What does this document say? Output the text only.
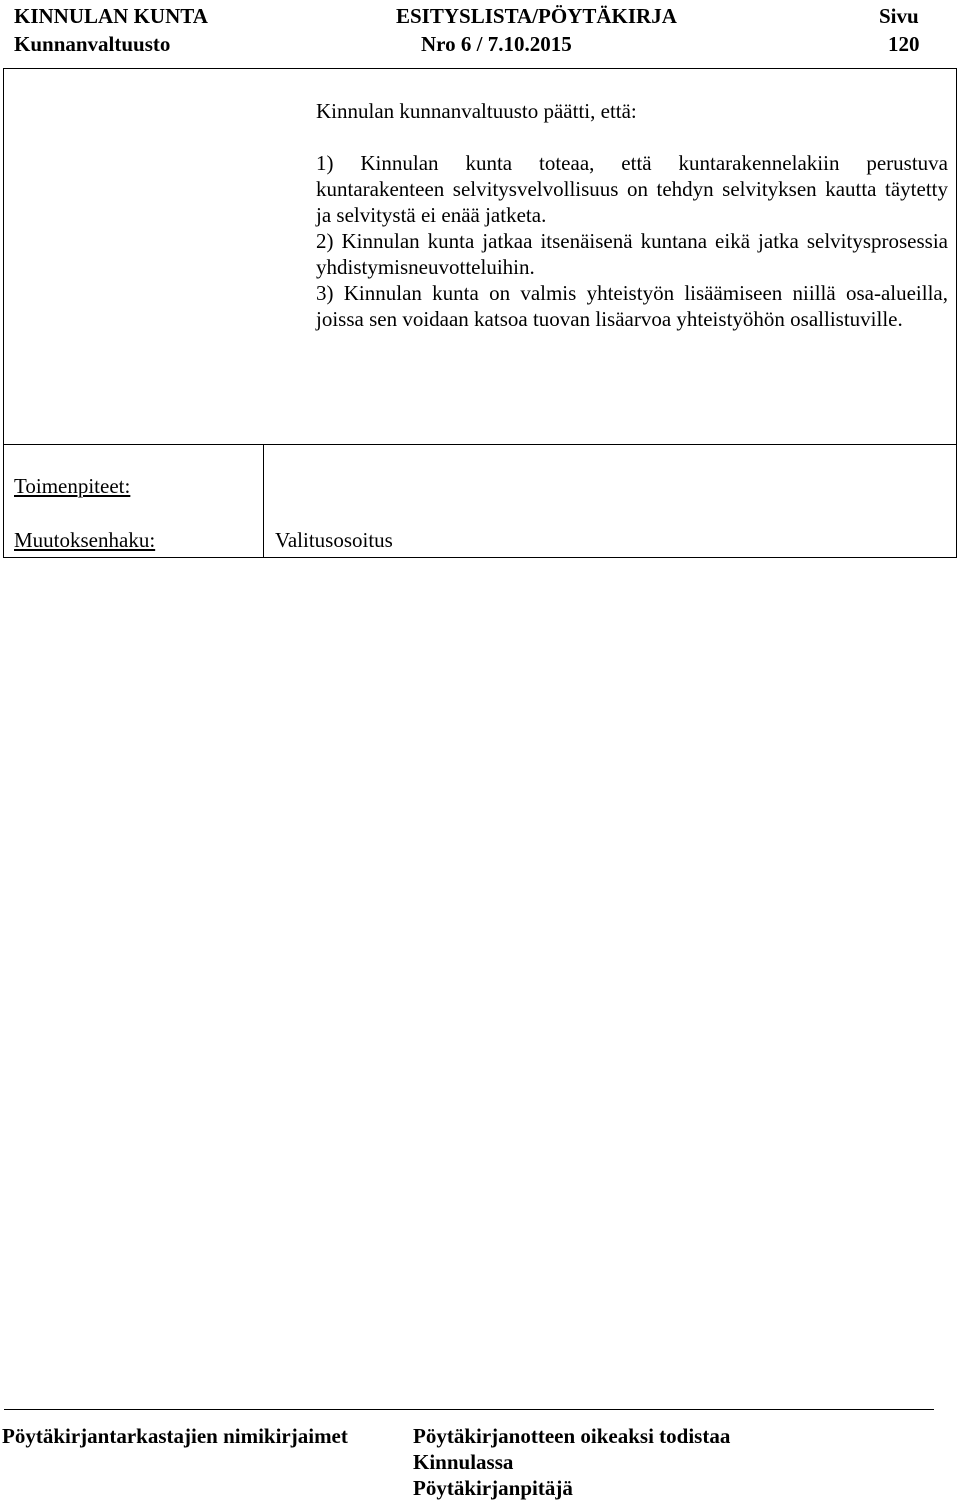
KINNULAN KUNTA	ESITYSLISTA/PÖYTÄKIRJA	Sivu
Kunnanvaltuusto	Nro 6 / 7.10.2015	120

Kinnulan kunnanvaltuusto päätti, että:

1) Kinnulan kunta toteaa, että kuntarakennelakiin perustuva kuntarakenteen selvitysvelvollisuus on tehdyn selvityksen kautta täytetty ja selvitystä ei enää jatketa.

2) Kinnulan kunta jatkaa itsenäisenä kuntana eikä jatka selvitysprosessia yhdistymisneuvotteluihin.

3) Kinnulan kunta on valmis yhteistyön lisäämiseen niillä osa-alueilla, joissa sen voidaan katsoa tuovan lisäarvoa yhteistyöhön osallistuville.

Toimenpiteet:
Muutoksenhaku:	Valitusosoitus
Pöytäkirjantarkastajien nimikirjaimet	Pöytäkirjanotteen oikeaksi todistaa
Kinnulassa
Pöytäkirjanpitäjä
